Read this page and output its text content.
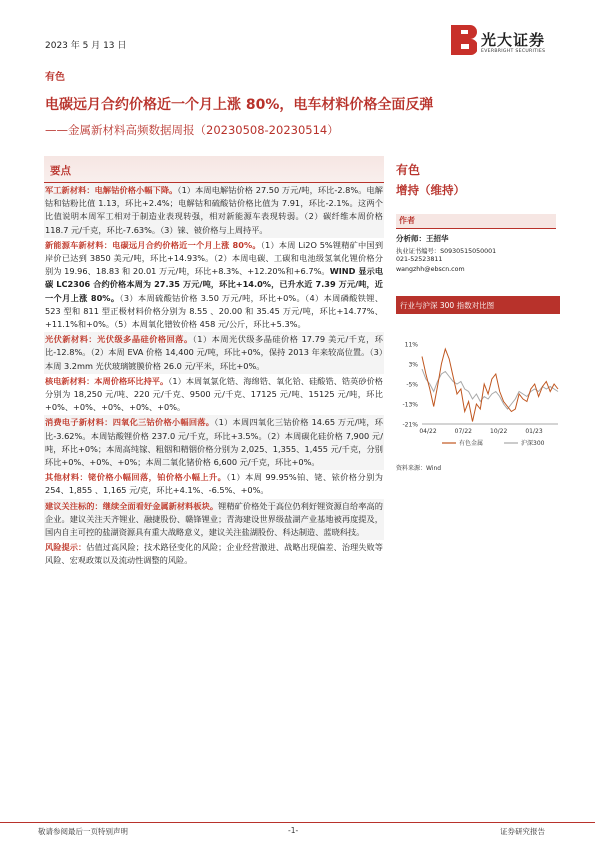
2023 年 5 月 13 日	光大证券
EVERBRIGHT SECURITIES
有色
电碳远月合约价格近一个月上涨 80%，电车材料价格全面反弹
——金属新材料高频数据周报（20230508-20230514）
要点

军工新材料：电解钴价格小幅下降。（1）本周电解钴价格 27.50 万元/吨，环比-2.8%。电解钴和钴粉比值 1.13，环比+2.4%；电解钴和硫酸钴价格比值为 7.91，环比-2.1%。这两个比值说明本周军工相对于制造业表现转强，相对新能源车表现转弱。（2）碳纤维本周价格 118.7 元/千克，环比-7.63%。（3）铼、铍价格与上周持平。

新能源车新材料：电碳远月合约价格近一个月上涨 80%。（1）本周 Li2O 5%锂精矿中国到岸价已达到 3850 美元/吨，环比+14.93%。（2）本周电碳、工碳和电池级氢氧化锂价格分别为 19.96、18.83 和 20.01 万元/吨，环比+8.3%、+12.20%和+6.7%。WIND 显示电碳 LC2306 合约价格本周为 27.35 万元/吨，环比+14.0%，已升水近 7.39 万元/吨，近一个月上涨 80%。（3）本周硫酸钴价格 3.50 万元/吨，环比+0%。（4）本周磷酸铁锂、523 型和 811 型正极材料价格分别为 8.55 、20.00 和 35.45 万元/吨，环比+14.77%、+11.1%和+0%。（5）本周氧化镨钕价格 458 元/公斤，环比+5.3%。

光伏新材料：光伏级多晶硅价格回落。（1）本周光伏级多晶硅价格 17.79 美元/千克，环比-12.8%。（2）本周 EVA 价格 14,400 元/吨，环比+0%，保持 2013 年来较高位置。（3）本周 3.2mm 光伏玻璃镀膜价格 26.0 元/平米，环比+0%。

核电新材料：本周价格环比持平。（1）本周氧氯化锆、海绵锆、氧化铪、硅酸锆、锆英砂价格分别为 18,250 元/吨、220 元/千克、9500 元/千克、17125 元/吨、15125 元/吨，环比+0%、+0%、+0%、+0%、+0%。

消费电子新材料：四氧化三钴价格小幅回落。（1）本周四氧化三钴价格 14.65 万元/吨，环比-3.62%。本周钴酸锂价格 237.0 元/千克，环比+3.5%。（2）本周碳化硅价格 7,900 元/吨，环比+0%；本周高纯镓、粗铟和精铟价格分别为 2,025、1,355、1,455 元/千克，分别环比+0%、+0%、+0%；本周二氧化锗价格 6,600 元/千克，环比+0%。

其他材料：铑价格小幅回落，铂价格小幅上升。（1）本周 99.95%铂、铑、铱价格分别为 254、1,855 、1,165 元/克，环比+4.1%、-6.5%、+0%。

建议关注标的：继续全面看好金属新材料板块。锂精矿价格处于高位仍利好锂资源自给率高的企业。建议关注天齐锂业、融捷股份、赣锋锂业；青海建设世界级盐湖产业基地被再度提及，国内自主可控的盐湖资源具有重大战略意义，建议关注盐湖股份、科达制造、蓝晓科技。

风险提示：估值过高风险；技术路径变化的风险；企业经营激进、战略出现偏差、治理失败等风险、宏观政策以及流动性调整的风险。

有色
增持（维持）
作者
分析师：王招华
执业证书编号：S0930515050001
021-52523811
wangzhh@ebscn.com
行业与沪深 300 指数对比图
11%
3%
-5%
-13%
-21%
04/22	07/22	10/22	01/23
有色金属	沪深300
资料来源：Wind
敬请参阅最后一页特别声明	-1-	证券研究报告
